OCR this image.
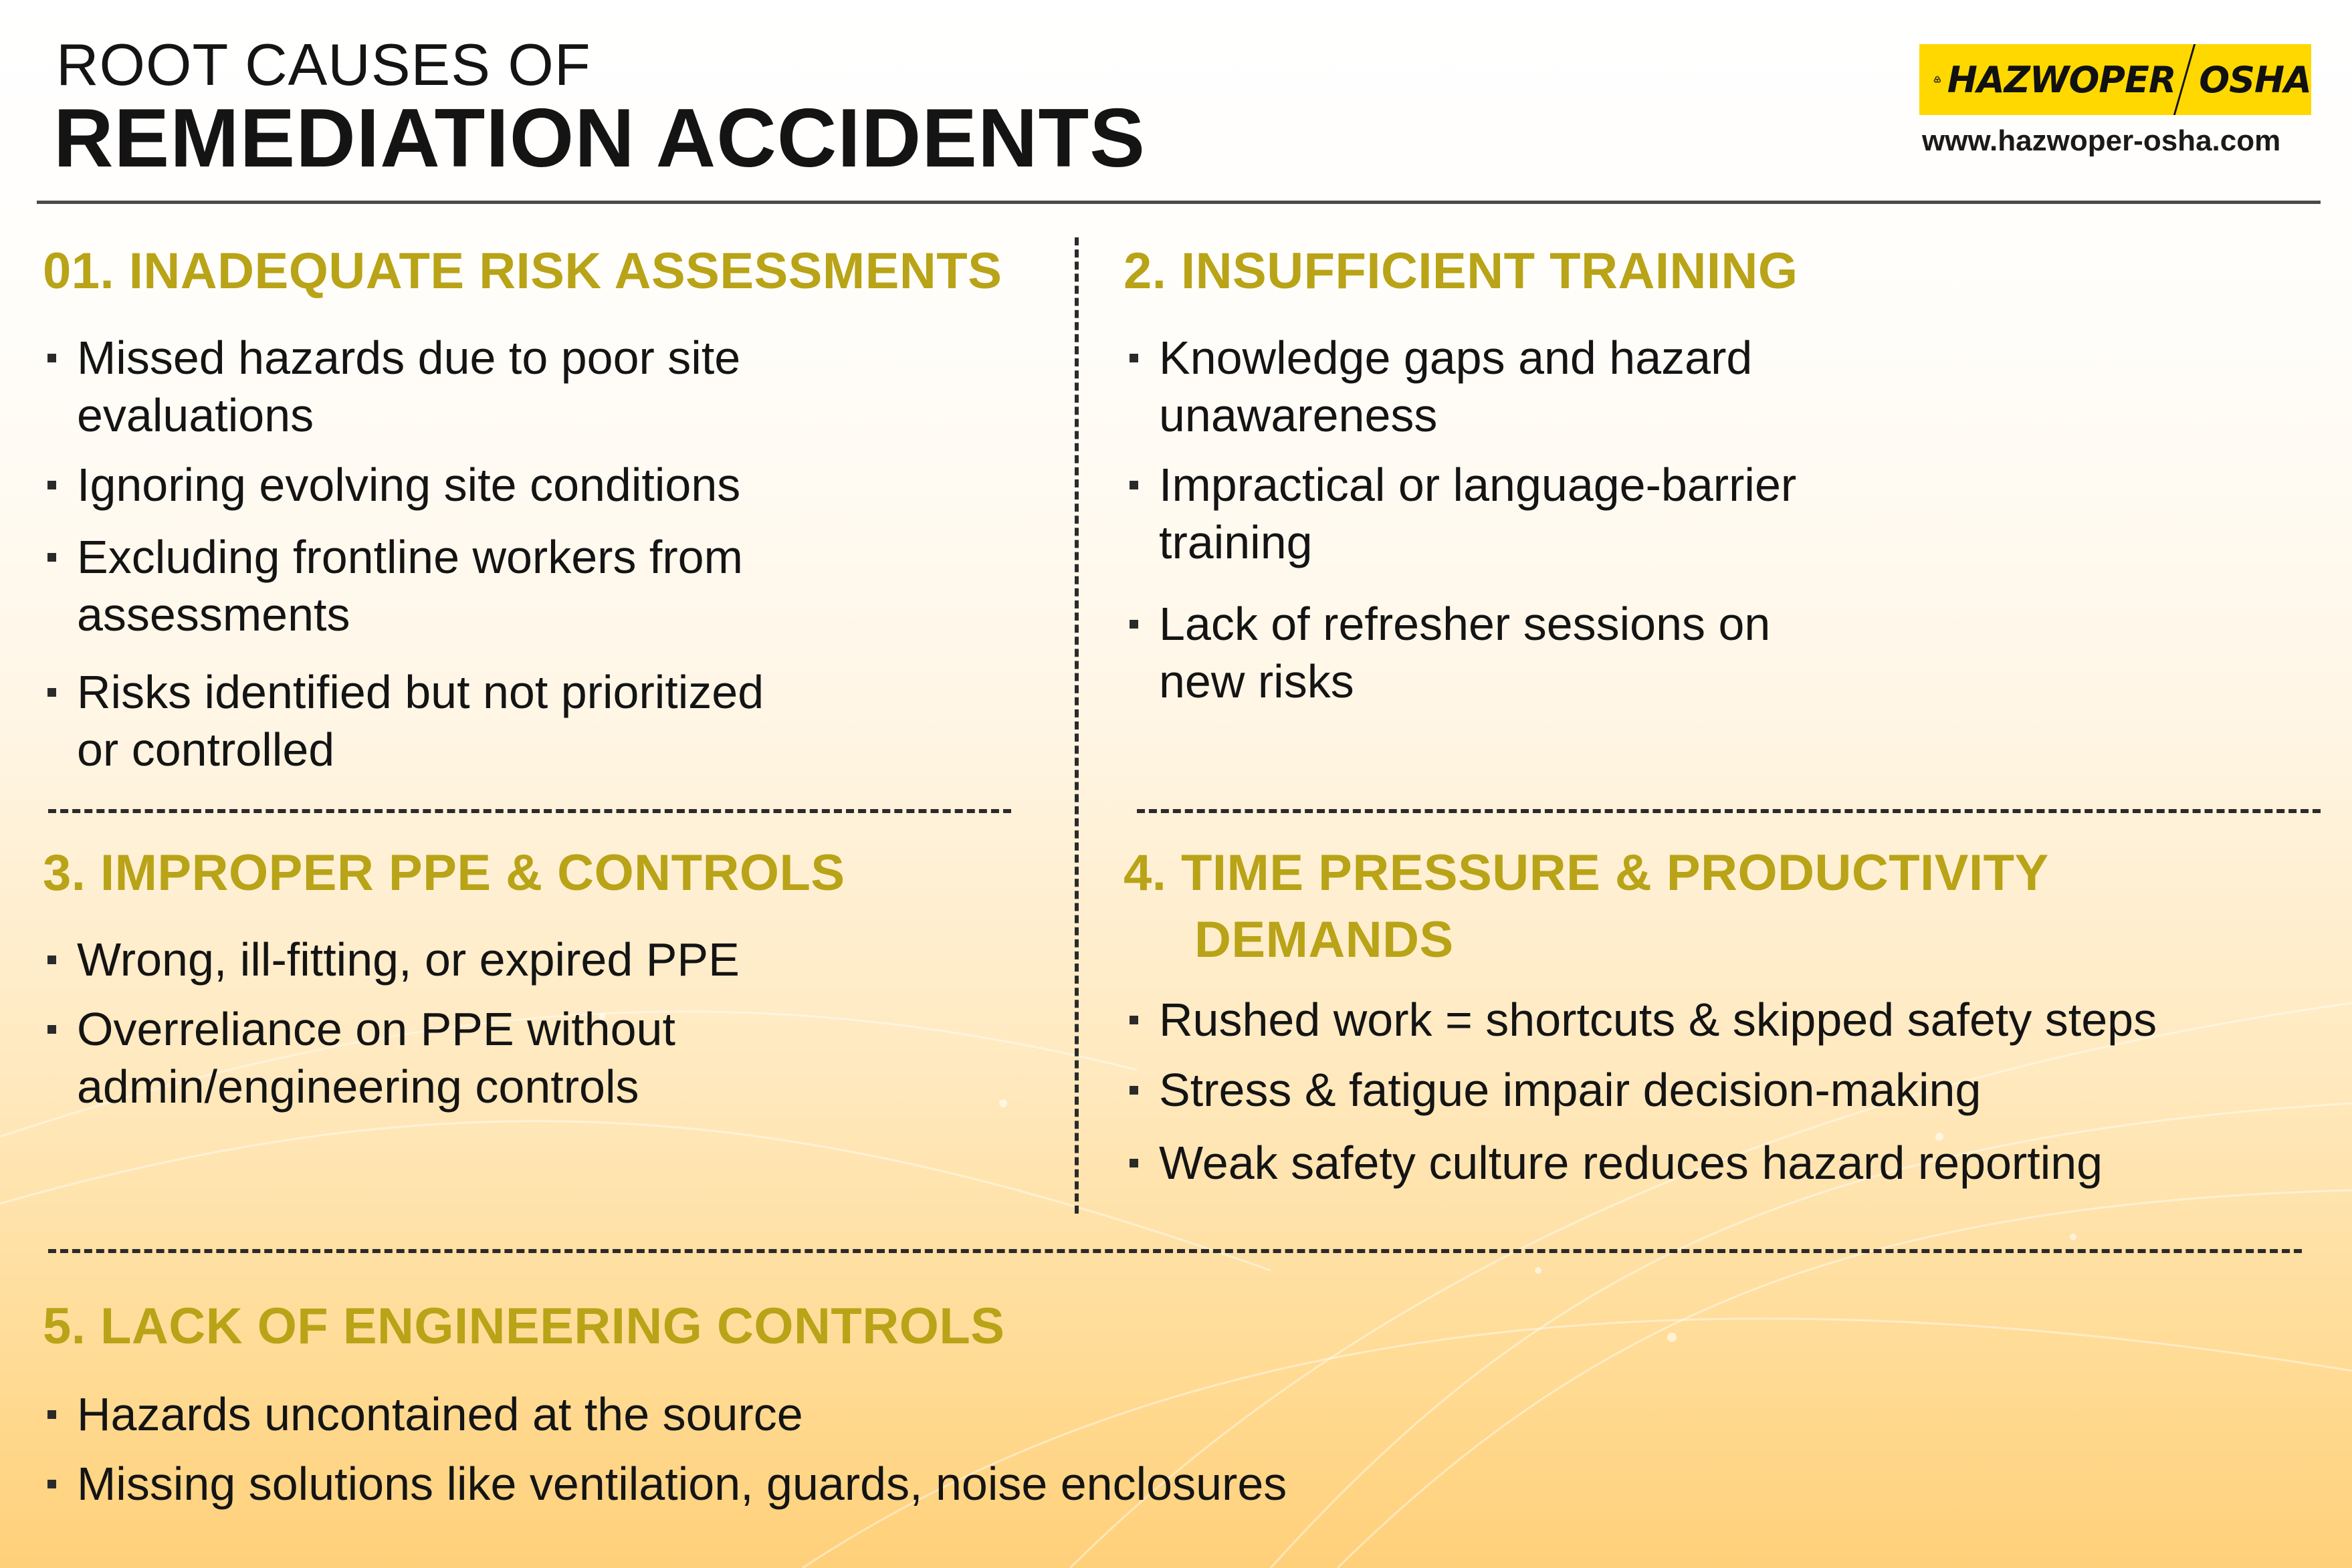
ROOT CAUSES OF
REMEDIATION ACCIDENTS
HAZWOPER OSHA
www.hazwoper-osha.com
01. INADEQUATE RISK ASSESSMENTS
Missed hazards due to poor site
evaluations
Ignoring evolving site conditions
Excluding frontline workers from
assessments
Risks identified but not prioritized
or controlled
2. INSUFFICIENT TRAINING
Knowledge gaps and hazard
unawareness
Impractical or language-barrier
training
Lack of refresher sessions on
new risks
3. IMPROPER PPE & CONTROLS
Wrong, ill-fitting, or expired PPE
Overreliance on PPE without
admin/engineering controls
4. TIME PRESSURE & PRODUCTIVITY
DEMANDS
Rushed work = shortcuts & skipped safety steps
Stress & fatigue impair decision-making
Weak safety culture reduces hazard reporting
5. LACK OF ENGINEERING CONTROLS
Hazards uncontained at the source
Missing solutions like ventilation, guards, noise enclosures
